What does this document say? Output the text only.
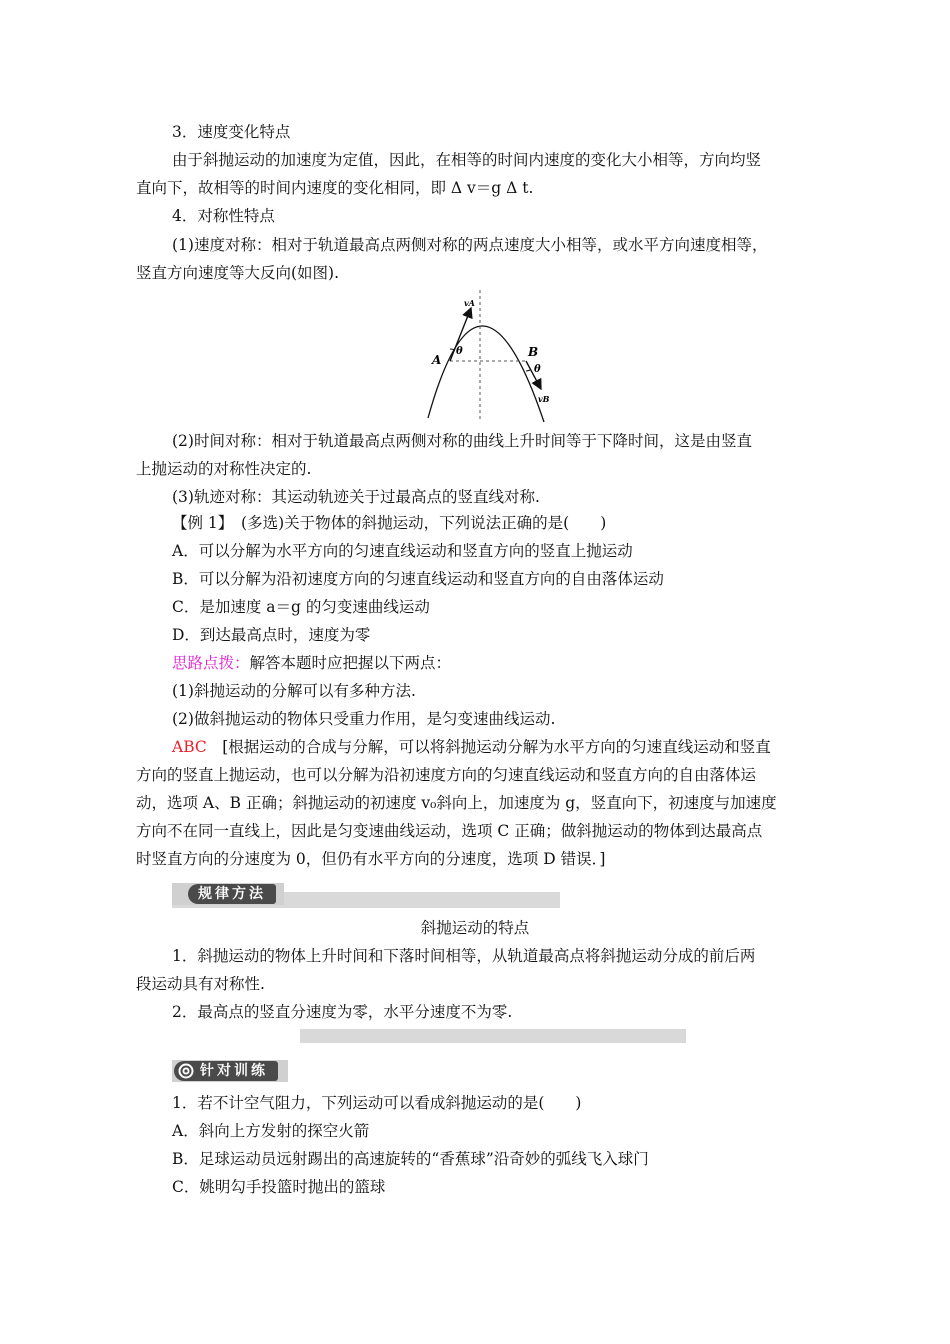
3．速度变化特点
由于斜抛运动的加速度为定值，因此，在相等的时间内速度的变化大小相等，方向均竖
直向下，故相等的时间内速度的变化相同，即 Δ v＝g Δ t.
4．对称性特点
(1)速度对称：相对于轨道最高点两侧对称的两点速度大小相等，或水平方向速度相等，
竖直方向速度等大反向(如图).
A
B
vA
vB
θ
θ
(2)时间对称：相对于轨道最高点两侧对称的曲线上升时间等于下降时间，这是由竖直
上抛运动的对称性决定的.
(3)轨迹对称：其运动轨迹关于过最高点的竖直线对称.
【例 1】　(多选)关于物体的斜抛运动，下列说法正确的是(　　)
A．可以分解为水平方向的匀速直线运动和竖直方向的竖直上抛运动
B．可以分解为沿初速度方向的匀速直线运动和竖直方向的自由落体运动
C．是加速度 a＝g 的匀变速曲线运动
D．到达最高点时，速度为零
思路点拨：解答本题时应把握以下两点：
(1)斜抛运动的分解可以有多种方法.
(2)做斜抛运动的物体只受重力作用，是匀变速曲线运动.
ABC　[根据运动的合成与分解，可以将斜抛运动分解为水平方向的匀速直线运动和竖直
方向的竖直上抛运动，也可以分解为沿初速度方向的匀速直线运动和竖直方向的自由落体运
动，选项 A、B 正确；斜抛运动的初速度 v₀斜向上，加速度为 g，竖直向下，初速度与加速度
方向不在同一直线上，因此是匀变速曲线运动，选项 C 正确；做斜抛运动的物体到达最高点
时竖直方向的分速度为 0，但仍有水平方向的分速度，选项 D 错误．]
规律方法
斜抛运动的特点
1．斜抛运动的物体上升时间和下落时间相等，从轨道最高点将斜抛运动分成的前后两
段运动具有对称性.
2．最高点的竖直分速度为零，水平分速度不为零.
针对训练
1．若不计空气阻力，下列运动可以看成斜抛运动的是(　　)
A．斜向上方发射的探空火箭
B．足球运动员远射踢出的高速旋转的“香蕉球”沿奇妙的弧线飞入球门
C．姚明勾手投篮时抛出的篮球
